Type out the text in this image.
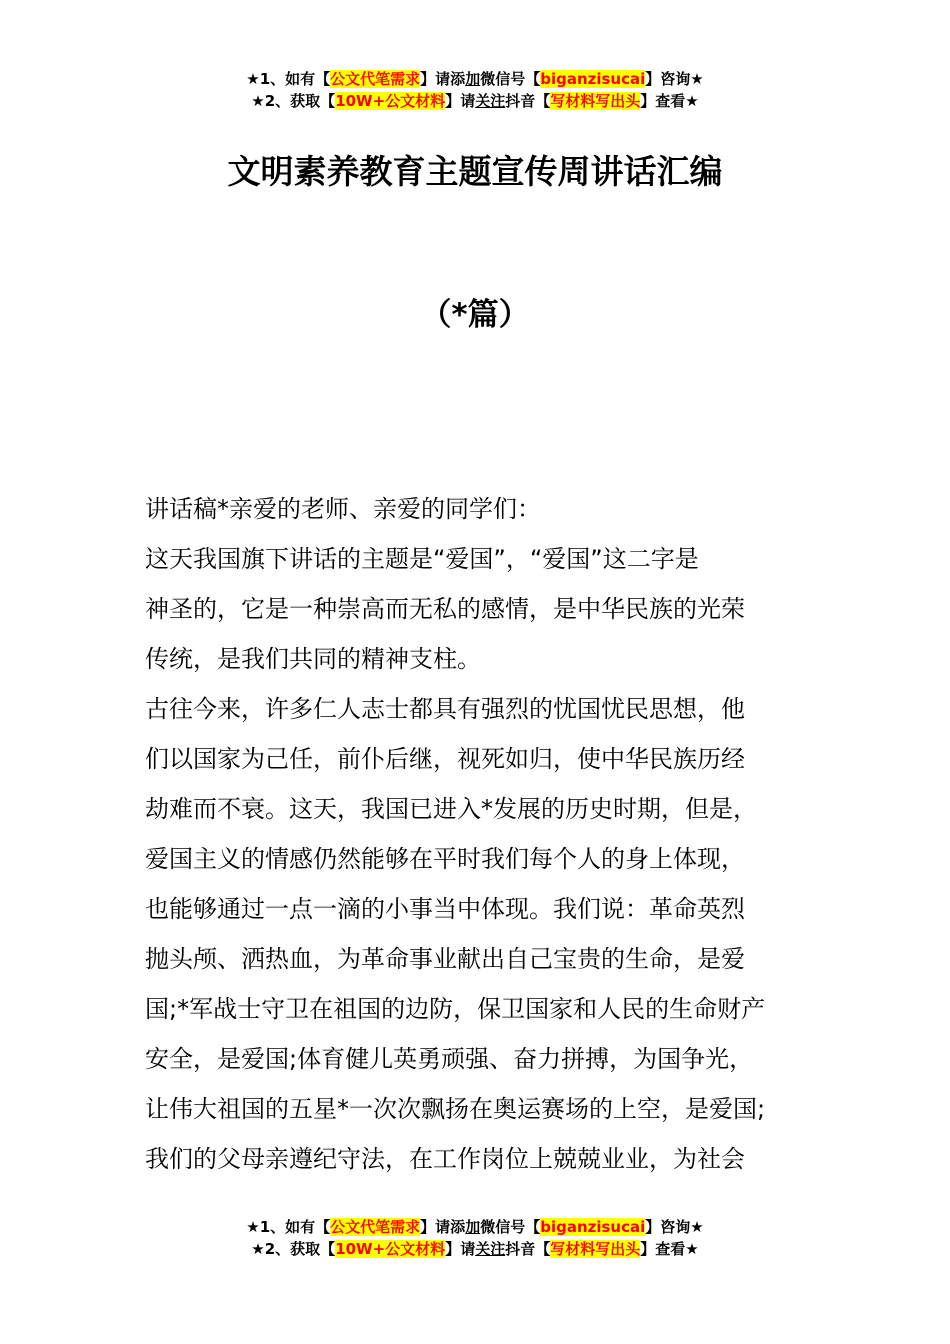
★1、如有【公文代笔需求】请添加微信号【biganzisucai】咨询★
★2、获取【10W+公文材料】请关注抖音【写材料写出头】查看★
文明素养教育主题宣传周讲话汇编
（*篇）
讲话稿*亲爱的老师、亲爱的同学们：
这天我国旗下讲话的主题是“爱国”，“爱国”这二字是
神圣的，它是一种崇高而无私的感情，是中华民族的光荣
传统，是我们共同的精神支柱。
古往今来，许多仁人志士都具有强烈的忧国忧民思想，他
们以国家为己任，前仆后继，视死如归，使中华民族历经
劫难而不衰。这天，我国已进入*发展的历史时期，但是，
爱国主义的情感仍然能够在平时我们每个人的身上体现，
也能够通过一点一滴的小事当中体现。我们说：革命英烈
抛头颅、洒热血，为革命事业献出自己宝贵的生命，是爱
国;*军战士守卫在祖国的边防，保卫国家和人民的生命财产
安全，是爱国;体育健儿英勇顽强、奋力拼搏，为国争光，
让伟大祖国的五星*一次次飘扬在奥运赛场的上空，是爱国;
我们的父母亲遵纪守法，在工作岗位上兢兢业业，为社会
★1、如有【公文代笔需求】请添加微信号【biganzisucai】咨询★
★2、获取【10W+公文材料】请关注抖音【写材料写出头】查看★
